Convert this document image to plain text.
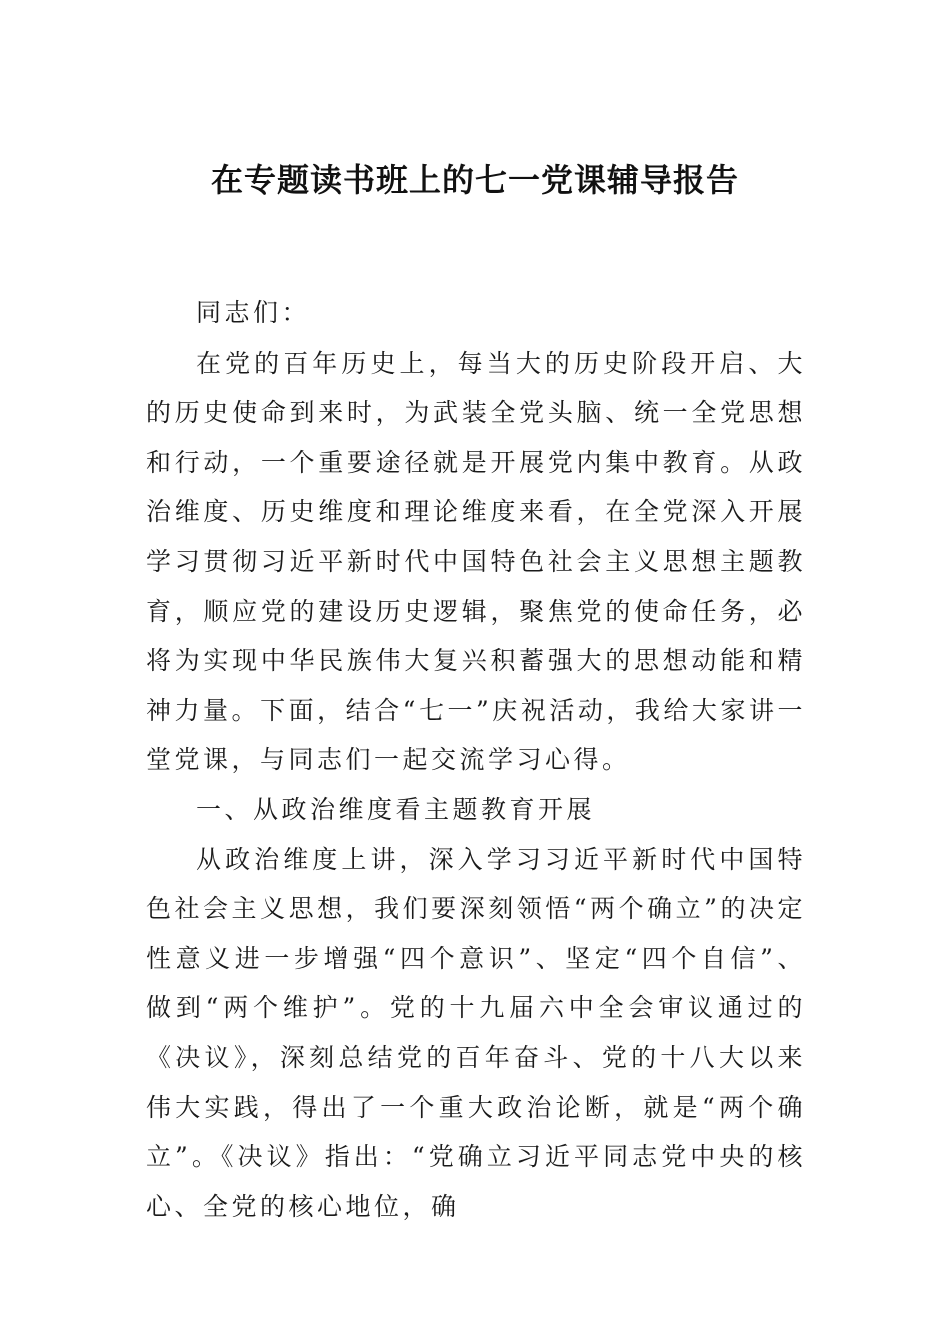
在专题读书班上的七一党课辅导报告

同志们：

在党的百年历史上，每当大的历史阶段开启、大的历史使命到来时，为武装全党头脑、统一全党思想和行动，一个重要途径就是开展党内集中教育。从政治维度、历史维度和理论维度来看，在全党深入开展学习贯彻习近平新时代中国特色社会主义思想主题教育，顺应党的建设历史逻辑，聚焦党的使命任务，必将为实现中华民族伟大复兴积蓄强大的思想动能和精神力量。下面，结合“七一”庆祝活动，我给大家讲一堂党课，与同志们一起交流学习心得。

一、从政治维度看主题教育开展

从政治维度上讲，深入学习习近平新时代中国特色社会主义思想，我们要深刻领悟“两个确立”的决定性意义进一步增强“四个意识”、坚定“四个自信”、做到“两个维护”。党的十九届六中全会审议通过的《决议》，深刻总结党的百年奋斗、党的十八大以来伟大实践，得出了一个重大政治论断，就是“两个确立”。《决议》指出：“党确立习近平同志党中央的核心、全党的核心地位，确
